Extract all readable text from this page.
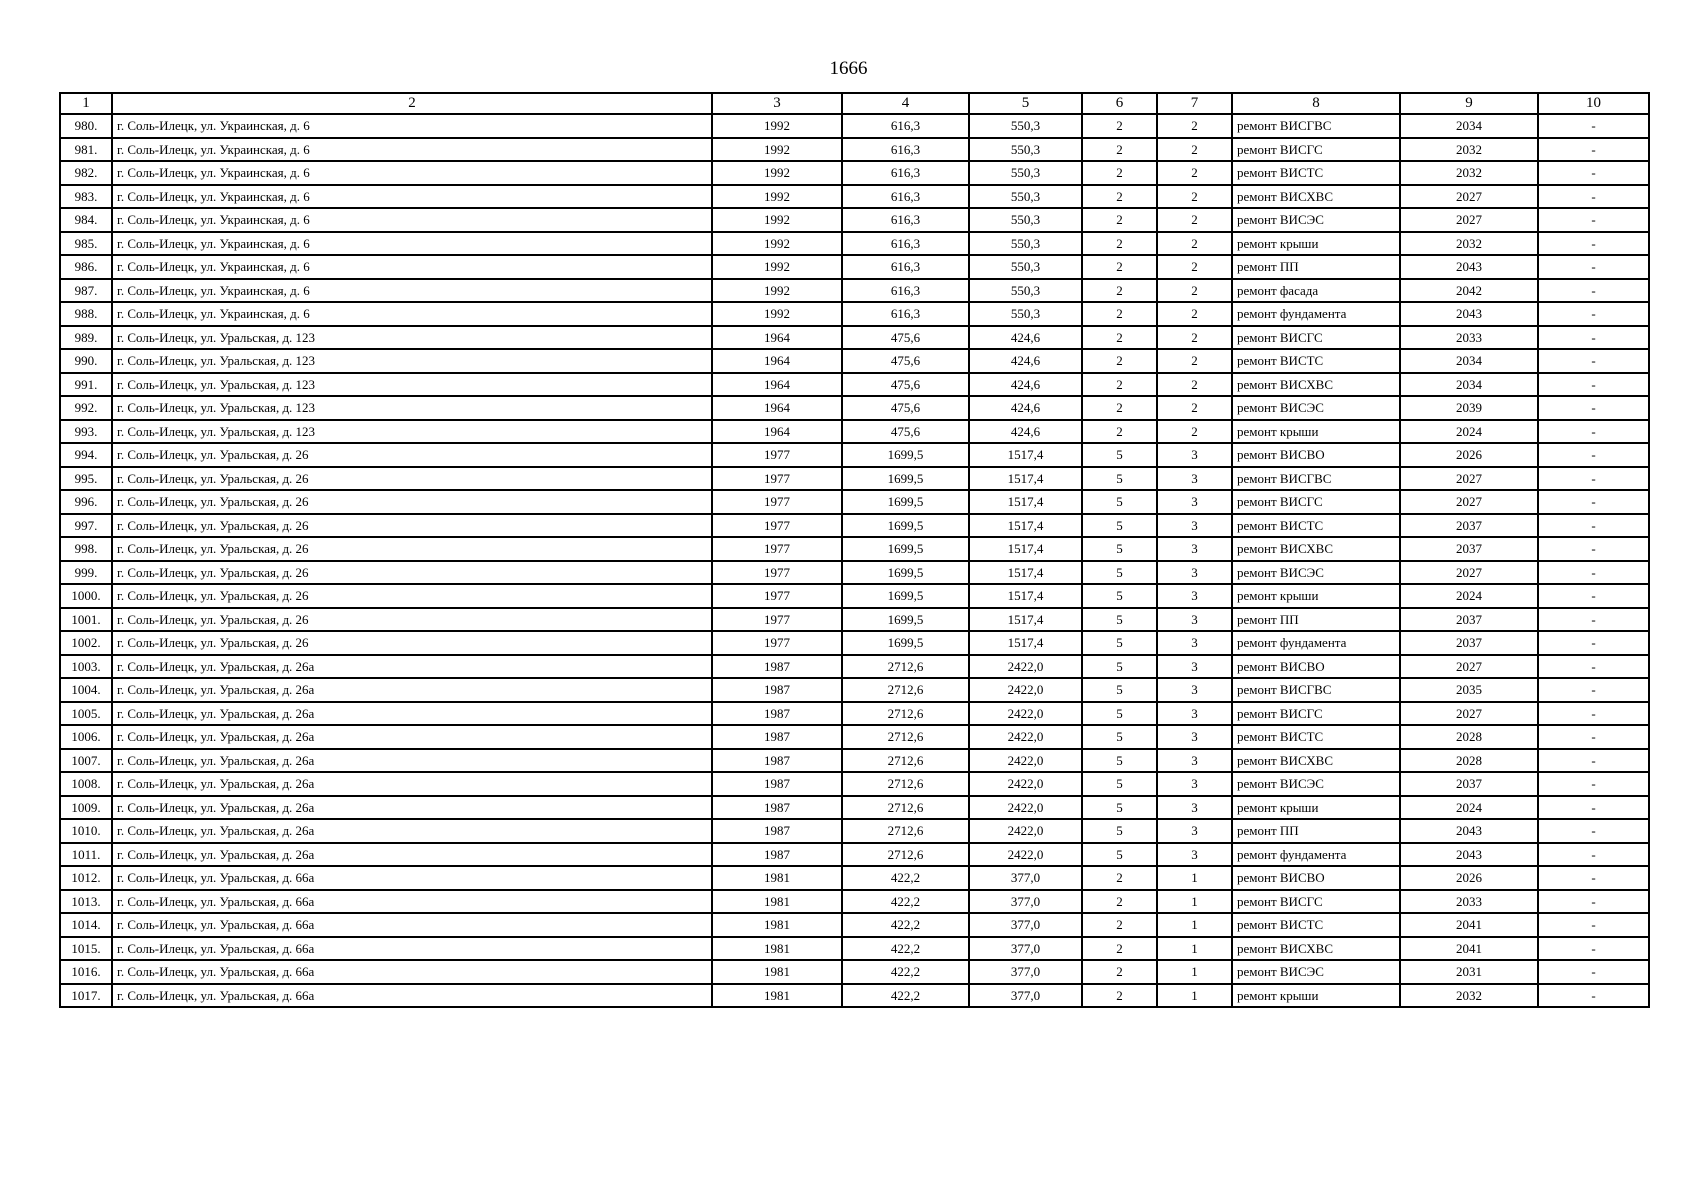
1666
1	2	3	4	5	6	7	8	9	10
980.	г. Соль-Илецк, ул. Украинская, д. 6	1992	616,3	550,3	2	2	ремонт ВИСГВС	2034	-
981.	г. Соль-Илецк, ул. Украинская, д. 6	1992	616,3	550,3	2	2	ремонт ВИСГС	2032	-
982.	г. Соль-Илецк, ул. Украинская, д. 6	1992	616,3	550,3	2	2	ремонт ВИСТС	2032	-
983.	г. Соль-Илецк, ул. Украинская, д. 6	1992	616,3	550,3	2	2	ремонт ВИСХВС	2027	-
984.	г. Соль-Илецк, ул. Украинская, д. 6	1992	616,3	550,3	2	2	ремонт ВИСЭС	2027	-
985.	г. Соль-Илецк, ул. Украинская, д. 6	1992	616,3	550,3	2	2	ремонт крыши	2032	-
986.	г. Соль-Илецк, ул. Украинская, д. 6	1992	616,3	550,3	2	2	ремонт ПП	2043	-
987.	г. Соль-Илецк, ул. Украинская, д. 6	1992	616,3	550,3	2	2	ремонт фасада	2042	-
988.	г. Соль-Илецк, ул. Украинская, д. 6	1992	616,3	550,3	2	2	ремонт фундамента	2043	-
989.	г. Соль-Илецк, ул. Уральская, д. 123	1964	475,6	424,6	2	2	ремонт ВИСГС	2033	-
990.	г. Соль-Илецк, ул. Уральская, д. 123	1964	475,6	424,6	2	2	ремонт ВИСТС	2034	-
991.	г. Соль-Илецк, ул. Уральская, д. 123	1964	475,6	424,6	2	2	ремонт ВИСХВС	2034	-
992.	г. Соль-Илецк, ул. Уральская, д. 123	1964	475,6	424,6	2	2	ремонт ВИСЭС	2039	-
993.	г. Соль-Илецк, ул. Уральская, д. 123	1964	475,6	424,6	2	2	ремонт крыши	2024	-
994.	г. Соль-Илецк, ул. Уральская, д. 26	1977	1699,5	1517,4	5	3	ремонт ВИСВО	2026	-
995.	г. Соль-Илецк, ул. Уральская, д. 26	1977	1699,5	1517,4	5	3	ремонт ВИСГВС	2027	-
996.	г. Соль-Илецк, ул. Уральская, д. 26	1977	1699,5	1517,4	5	3	ремонт ВИСГС	2027	-
997.	г. Соль-Илецк, ул. Уральская, д. 26	1977	1699,5	1517,4	5	3	ремонт ВИСТС	2037	-
998.	г. Соль-Илецк, ул. Уральская, д. 26	1977	1699,5	1517,4	5	3	ремонт ВИСХВС	2037	-
999.	г. Соль-Илецк, ул. Уральская, д. 26	1977	1699,5	1517,4	5	3	ремонт ВИСЭС	2027	-
1000.	г. Соль-Илецк, ул. Уральская, д. 26	1977	1699,5	1517,4	5	3	ремонт крыши	2024	-
1001.	г. Соль-Илецк, ул. Уральская, д. 26	1977	1699,5	1517,4	5	3	ремонт ПП	2037	-
1002.	г. Соль-Илецк, ул. Уральская, д. 26	1977	1699,5	1517,4	5	3	ремонт фундамента	2037	-
1003.	г. Соль-Илецк, ул. Уральская, д. 26а	1987	2712,6	2422,0	5	3	ремонт ВИСВО	2027	-
1004.	г. Соль-Илецк, ул. Уральская, д. 26а	1987	2712,6	2422,0	5	3	ремонт ВИСГВС	2035	-
1005.	г. Соль-Илецк, ул. Уральская, д. 26а	1987	2712,6	2422,0	5	3	ремонт ВИСГС	2027	-
1006.	г. Соль-Илецк, ул. Уральская, д. 26а	1987	2712,6	2422,0	5	3	ремонт ВИСТС	2028	-
1007.	г. Соль-Илецк, ул. Уральская, д. 26а	1987	2712,6	2422,0	5	3	ремонт ВИСХВС	2028	-
1008.	г. Соль-Илецк, ул. Уральская, д. 26а	1987	2712,6	2422,0	5	3	ремонт ВИСЭС	2037	-
1009.	г. Соль-Илецк, ул. Уральская, д. 26а	1987	2712,6	2422,0	5	3	ремонт крыши	2024	-
1010.	г. Соль-Илецк, ул. Уральская, д. 26а	1987	2712,6	2422,0	5	3	ремонт ПП	2043	-
1011.	г. Соль-Илецк, ул. Уральская, д. 26а	1987	2712,6	2422,0	5	3	ремонт фундамента	2043	-
1012.	г. Соль-Илецк, ул. Уральская, д. 66а	1981	422,2	377,0	2	1	ремонт ВИСВО	2026	-
1013.	г. Соль-Илецк, ул. Уральская, д. 66а	1981	422,2	377,0	2	1	ремонт ВИСГС	2033	-
1014.	г. Соль-Илецк, ул. Уральская, д. 66а	1981	422,2	377,0	2	1	ремонт ВИСТС	2041	-
1015.	г. Соль-Илецк, ул. Уральская, д. 66а	1981	422,2	377,0	2	1	ремонт ВИСХВС	2041	-
1016.	г. Соль-Илецк, ул. Уральская, д. 66а	1981	422,2	377,0	2	1	ремонт ВИСЭС	2031	-
1017.	г. Соль-Илецк, ул. Уральская, д. 66а	1981	422,2	377,0	2	1	ремонт крыши	2032	-
